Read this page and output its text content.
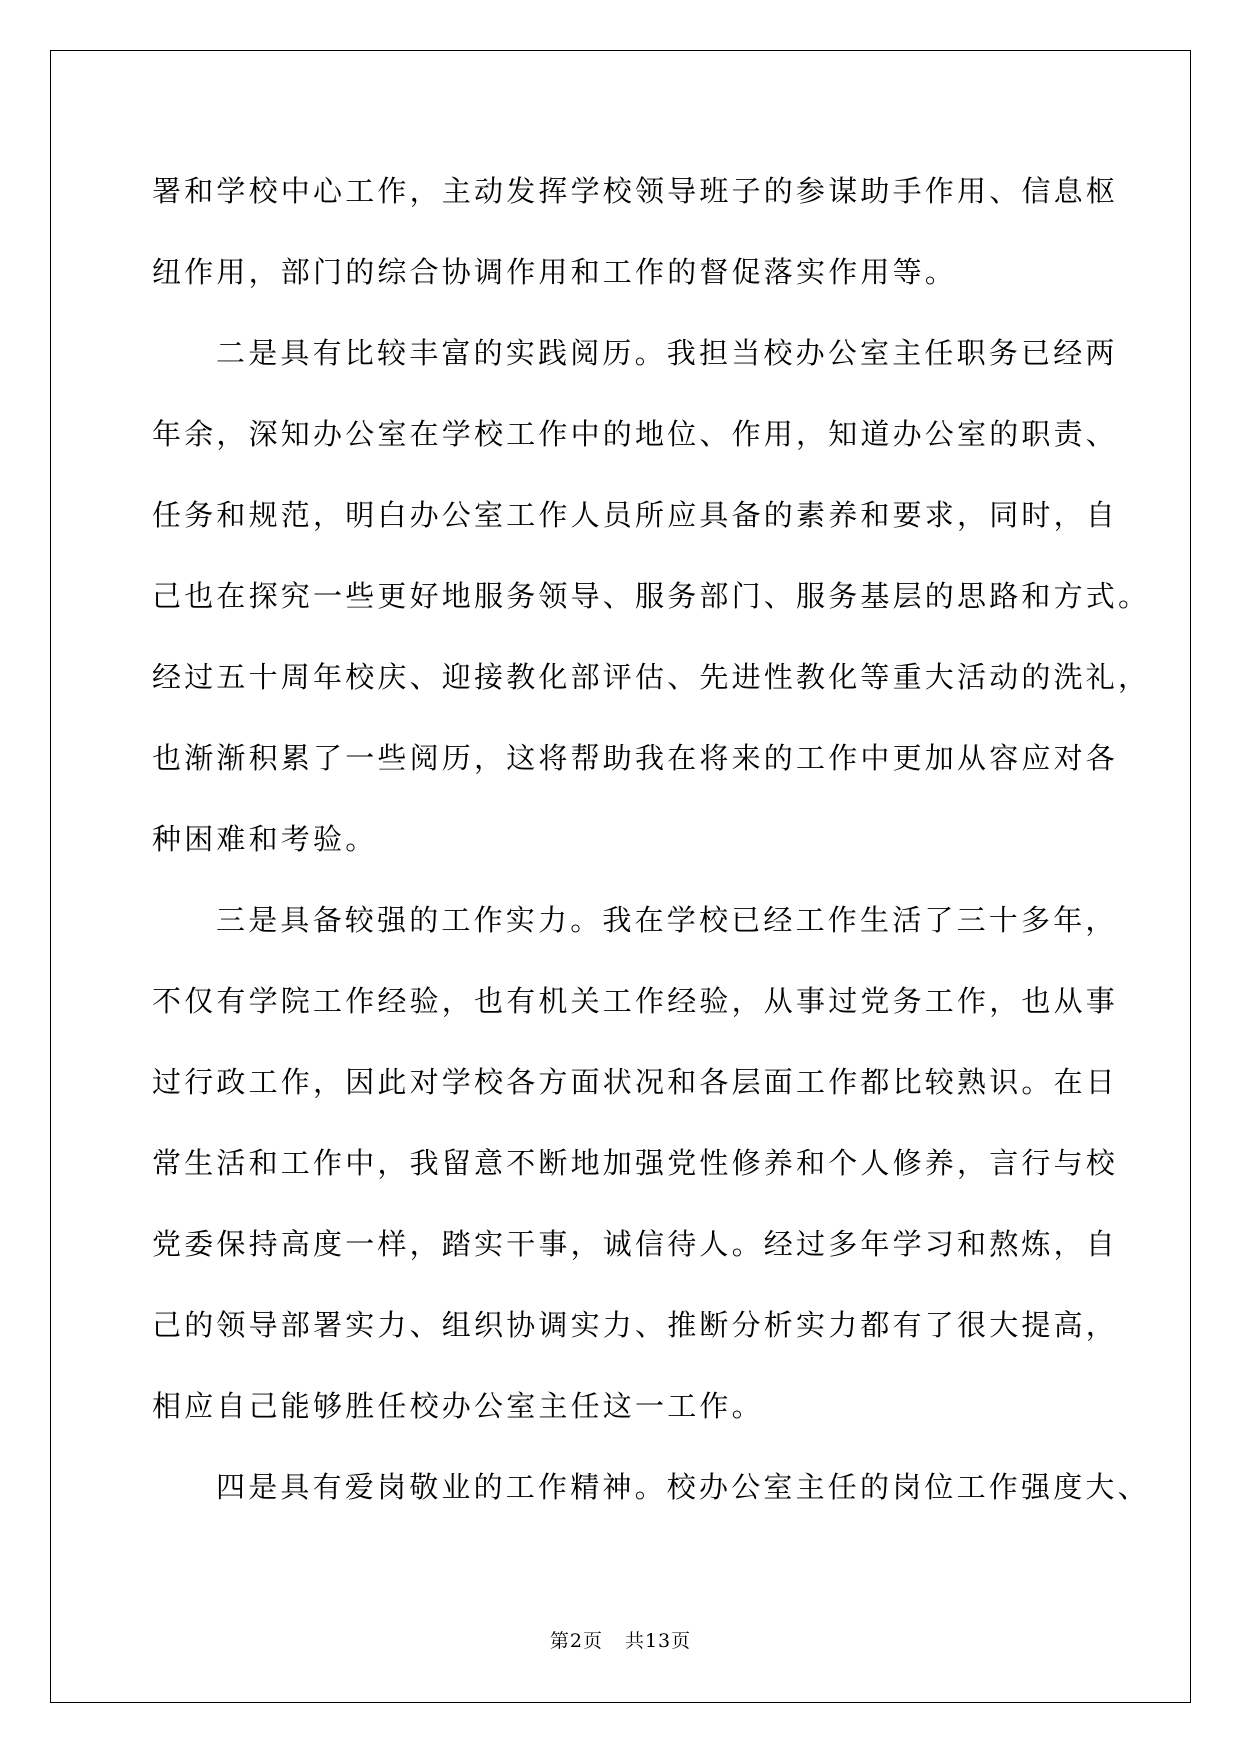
署和学校中心工作，主动发挥学校领导班子的参谋助手作用、信息枢
纽作用，部门的综合协调作用和工作的督促落实作用等。
二是具有比较丰富的实践阅历。我担当校办公室主任职务已经两
年余，深知办公室在学校工作中的地位、作用，知道办公室的职责、
任务和规范，明白办公室工作人员所应具备的素养和要求，同时，自
己也在探究一些更好地服务领导、服务部门、服务基层的思路和方式。
经过五十周年校庆、迎接教化部评估、先进性教化等重大活动的洗礼，
也渐渐积累了一些阅历，这将帮助我在将来的工作中更加从容应对各
种困难和考验。
三是具备较强的工作实力。我在学校已经工作生活了三十多年，
不仅有学院工作经验，也有机关工作经验，从事过党务工作，也从事
过行政工作，因此对学校各方面状况和各层面工作都比较熟识。在日
常生活和工作中，我留意不断地加强党性修养和个人修养，言行与校
党委保持高度一样，踏实干事，诚信待人。经过多年学习和熬炼，自
己的领导部署实力、组织协调实力、推断分析实力都有了很大提高，
相应自己能够胜任校办公室主任这一工作。
四是具有爱岗敬业的工作精神。校办公室主任的岗位工作强度大、
第2页 共13页
